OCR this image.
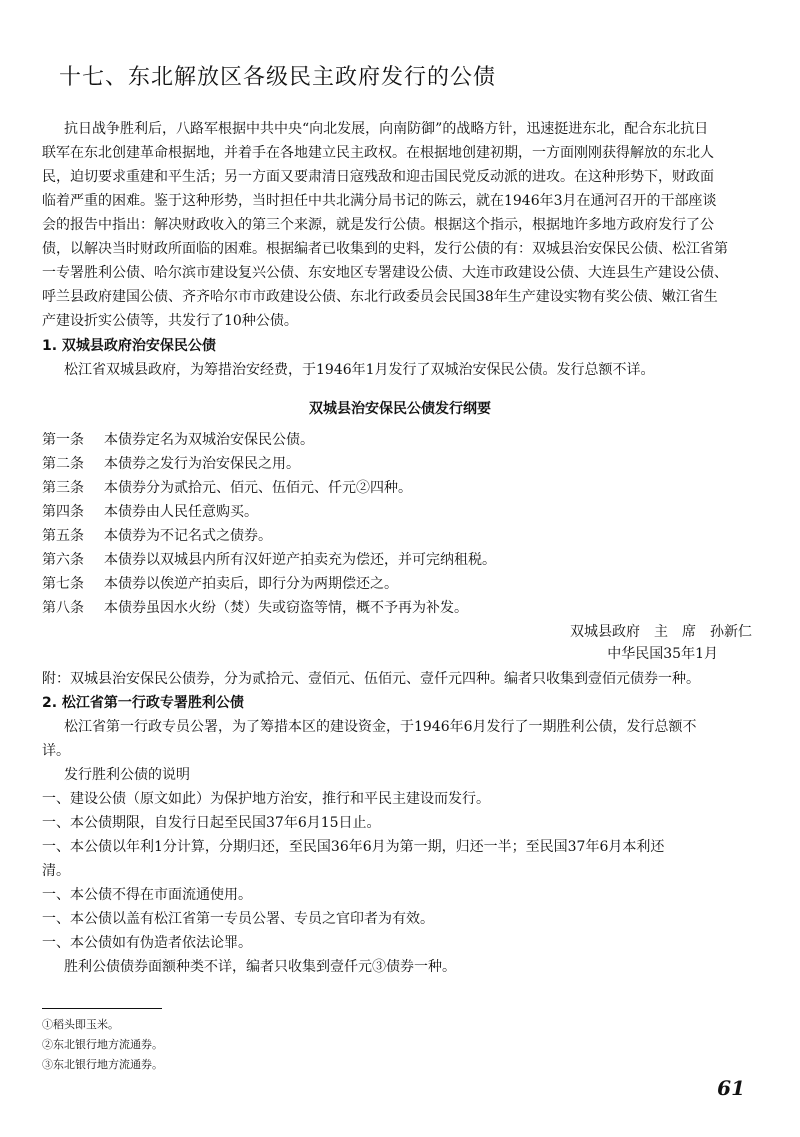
十七、东北解放区各级民主政府发行的公债
抗日战争胜利后，八路军根据中共中央“向北发展，向南防御”的战略方针，迅速挺进东北，配合东北抗日
联军在东北创建革命根据地，并着手在各地建立民主政权。在根据地创建初期，一方面刚刚获得解放的东北人
民，迫切要求重建和平生活；另一方面又要肃清日寇残敌和迎击国民党反动派的进攻。在这种形势下，财政面
临着严重的困难。鉴于这种形势，当时担任中共北满分局书记的陈云，就在1946年3月在通河召开的干部座谈
会的报告中指出：解决财政收入的第三个来源，就是发行公债。根据这个指示，根据地许多地方政府发行了公
债，以解决当时财政所面临的困难。根据编者已收集到的史料，发行公债的有：双城县治安保民公债、松江省第
一专署胜利公债、哈尔滨市建设复兴公债、东安地区专署建设公债、大连市政建设公债、大连县生产建设公债、
呼兰县政府建国公债、齐齐哈尔市市政建设公债、东北行政委员会民国38年生产建设实物有奖公债、嫩江省生
产建设折实公债等，共发行了10种公债。
1. 双城县政府治安保民公债
松江省双城县政府，为筹措治安经费，于1946年1月发行了双城治安保民公债。发行总额不详。
双城县治安保民公债发行纲要
第一条 本债券定名为双城治安保民公债。
第二条 本债券之发行为治安保民之用。
第三条 本债券分为贰拾元、佰元、伍佰元、仟元②四种。
第四条 本债券由人民任意购买。
第五条 本债券为不记名式之债券。
第六条 本债券以双城县内所有汉奸逆产拍卖充为偿还，并可完纳租税。
第七条 本债券以俟逆产拍卖后，即行分为两期偿还之。
第八条 本债券虽因水火纷（焚）失或窃盗等情，概不予再为补发。
双城县政府　主　席　孙新仁
中华民国35年1月
附：双城县治安保民公债券，分为贰拾元、壹佰元、伍佰元、壹仟元四种。编者只收集到壹佰元债券一种。
2. 松江省第一行政专署胜利公债
松江省第一行政专员公署，为了筹措本区的建设资金，于1946年6月发行了一期胜利公债，发行总额不
详。
发行胜利公债的说明
一、建设公债（原文如此）为保护地方治安，推行和平民主建设而发行。
一、本公债期限，自发行日起至民国37年6月15日止。
一、本公债以年利1分计算，分期归还，至民国36年6月为第一期，归还一半；至民国37年6月本利还
清。
一、本公债不得在市面流通使用。
一、本公债以盖有松江省第一专员公署、专员之官印者为有效。
一、本公债如有伪造者依法论罪。
胜利公债债券面额种类不详，编者只收集到壹仟元③债券一种。
①稻头即玉米。
②东北银行地方流通券。
③东北银行地方流通券。
61
